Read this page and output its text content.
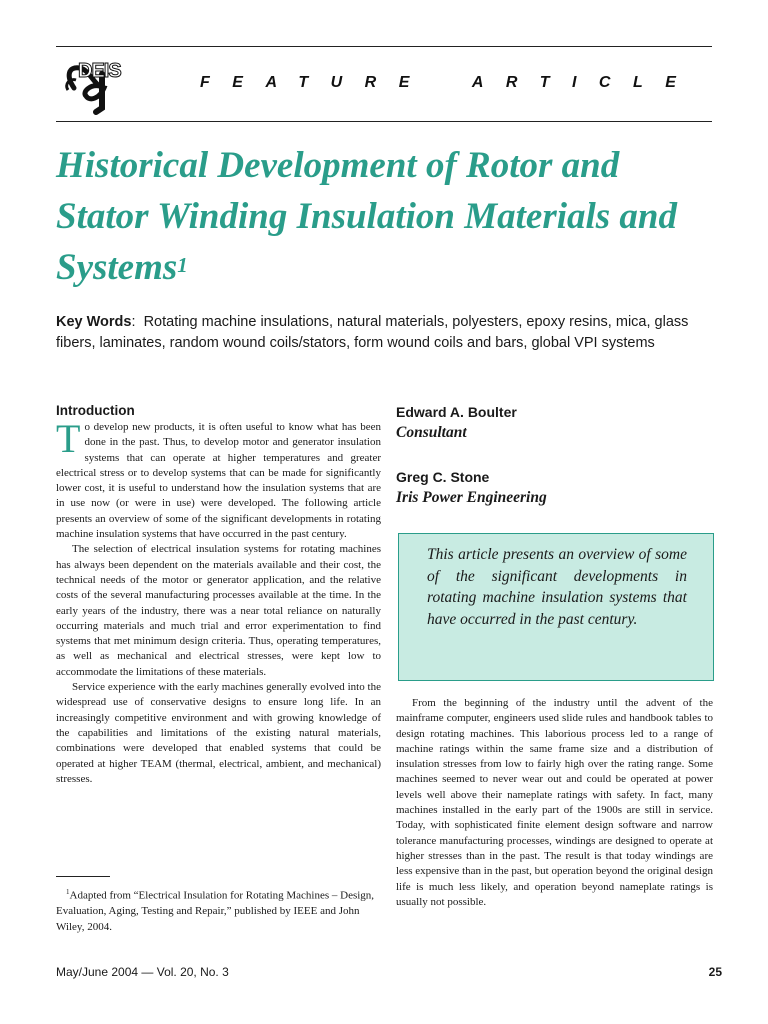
DEIS
FEATURE	ARTICLE
Historical Development of Rotor and Stator Winding Insulation Materials and Systems$^1$

Key Words:  Rotating machine insulations, natural materials, polyesters, epoxy resins, mica, glass fibers, laminates, random wound coils/stators, form wound coils and bars, global VPI systems

Introduction

To develop new products, it is often useful to know what has been done in the past. Thus, to develop motor and generator insulation systems that can operate at higher temperatures and greater electrical stress or to develop systems that can be made for significantly lower cost, it is useful to understand how the insulation systems that are in use now (or were in use) were developed. The following article presents an overview of some of the significant developments in rotating machine insulation systems that have occurred in the past century.

The selection of electrical insulation systems for rotating machines has always been dependent on the materials available and their cost, the technical needs of the motor or generator application, and the relative costs of the several manufacturing processes available at the time. In the early years of the industry, there was a near total reliance on naturally occurring materials and much trial and error experimentation to find systems that met minimum design criteria. Thus, operating temperatures, as well as mechanical and electrical stresses, were kept low to accommodate the limitations of these materials.

Service experience with the early machines generally evolved into the widespread use of conservative designs to ensure long life. In an increasingly competitive environment and with growing knowledge of the capabilities and limitations of the existing natural materials, combinations were developed that enabled systems that could be operated at higher TEAM (thermal, electrical, ambient, and mechanical) stresses.

$^1$Adapted from “Electrical Insulation for Rotating Machines – Design, Evaluation, Aging, Testing and Repair,” published by IEEE and John Wiley, 2004.

Edward A. Boulter

Consultant

Greg C. Stone

Iris Power Engineering

This article presents an overview of some of the significant developments in rotating machine insulation systems that have occurred in the past century.

From the beginning of the industry until the advent of the mainframe computer, engineers used slide rules and handbook tables to design rotating machines. This laborious process led to a range of machine ratings within the same frame size and a distribution of insulation stresses from low to fairly high over the rating range. Some machines seemed to never wear out and could be operated at power levels well above their nameplate ratings with safety. In fact, many machines installed in the early part of the 1900s are still in service. Today, with sophisticated finite element design software and narrow tolerance manufacturing processes, windings are designed to operate at higher stresses than in the past. The result is that today windings are less expensive than in the past, but operation beyond the original design life is much less likely, and operation beyond nameplate ratings is usually not possible.

May/June 2004 — Vol. 20, No. 3	25
